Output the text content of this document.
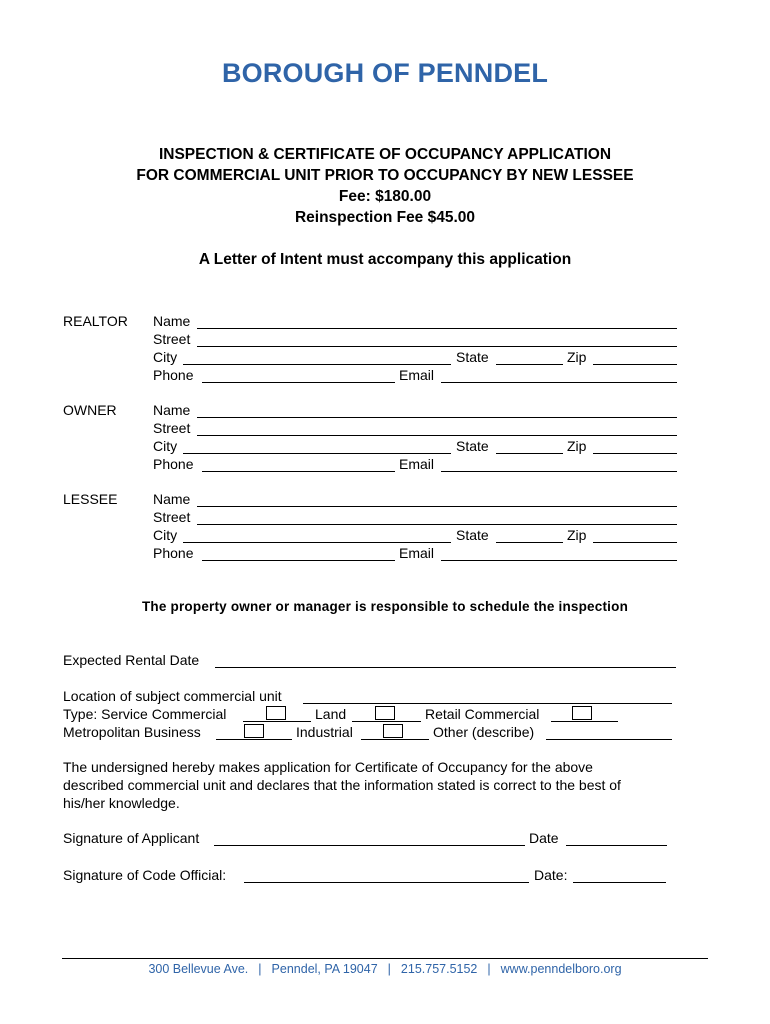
BOROUGH OF PENNDEL
INSPECTION & CERTIFICATE OF OCCUPANCY APPLICATION
FOR COMMERCIAL UNIT PRIOR TO OCCUPANCY BY NEW LESSEE
Fee: $180.00
Reinspection Fee $45.00
A Letter of Intent must accompany this application
REALTOR Name
Street
City	State	Zip
Phone	Email
OWNER	Name
Street
City	State	Zip
Phone	Email
LESSEE	Name
Street
City	State	Zip
Phone	Email
The property owner or manager is responsible to schedule the inspection
Expected Rental Date
Location of subject commercial unit
Type: Service Commercial	Land	Retail Commercial
Metropolitan Business	Industrial	Other (describe)
The undersigned hereby makes application for Certificate of Occupancy for the above
described commercial unit and declares that the information stated is correct to the best of
his/her knowledge.
Signature of Applicant	Date
Signature of Code Official:	Date:
300 Bellevue Ave. | Penndel, PA 19047 | 215.757.5152 | www.penndelboro.org
